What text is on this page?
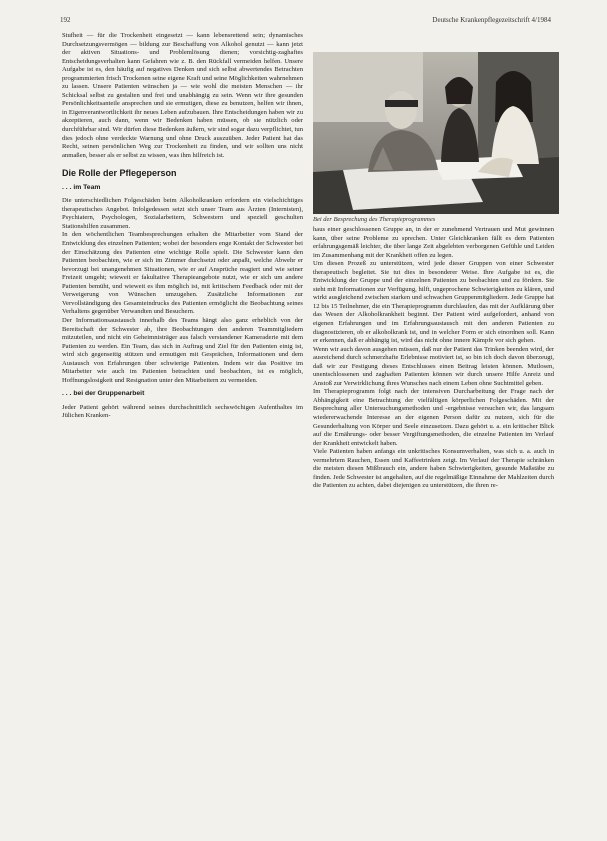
192	Deutsche Krankenpflegezeitschrift 4/1984

Stufheit — für die Trockenheit eingesetzt — kann lebensrettend sein; dynamisches Durchsetzungsvermögen — bildung zur Beschaffung von Alkohol genutzt — kann jetzt der aktiven Situations- und Problemlösung dienen; vorsichtig-zaghaftes Entscheidungsverhalten kann Gefahren wie z. B. den Rückfall vermeiden helfen. Unsere Aufgabe ist es, den häufig auf negatives Denken und sich selbst abwertendes Betrachten programmierten frisch Trockenen seine eigene Kraft und seine Möglichkeiten wahrnehmen zu lassen. Unsere Patienten wünschen ja — wie wohl die meisten Menschen — ihr Schicksal selbst zu gestalten und frei und unabhängig zu sein. Wenn wir ihre gesunden Persönlichkeitsanteile ansprechen und sie ermutigen, diese zu benutzen, helfen wir ihnen, in Eigenverantwortlichkeit ihr neues Leben aufzubauen. Ihre Entscheidungen haben wir zu akzeptieren, auch dann, wenn wir Bedenken haben müssen, ob sie nützlich oder durchführbar sind. Wir dürfen diese Bedenken äußern, wir sind sogar dazu verpflichtet, tun dies jedoch ohne verdeckte Warnung und ohne Druck auszuüben. Jeder Patient hat das Recht, seinen persönlichen Weg zur Trockenheit zu finden, und wir sollten uns nicht anmaßen, besser als er selbst zu wissen, was ihm hilfreich ist.

Die Rolle der Pflegeperson
. . . im Team

Die unterschiedlichen Folgeschäden beim Alkoholkranken erfordern ein vielschichtiges therapeutisches Angebot. Infolgedessen setzt sich unser Team aus Ärzten (Internisten), Psychiatern, Psychologen, Sozialarbeitern, Schwestern und speziell geschulten Stationshilfen zusammen.

In den wöchentlichen Teambesprechungen erhalten die Mitarbeiter vom Stand der Entwicklung des einzelnen Patienten; wobei der besonders enge Kontakt der Schwester bei der Einschätzung des Patienten eine wichtige Rolle spielt. Die Schwester kann den Patienten beobachten, wie er sich im Zimmer durchsetzt oder anpaßt, welche Abwehr er bevorzugt bei unangenehmen Situationen, wie er auf Ansprüche reagiert und wie seiner Freizeit umgeht; wieweit er fakultative Therapieangebote nutzt, wie er sich um andere Patienten bemüht, und wieweit es ihm möglich ist, mit kritischem Feedback oder mit der Verweigerung von Wünschen umzugehen. Zusätzliche Informationen zur Vervollständigung des Gesamteindrucks des Patienten ermöglicht die Beobachtung seines Verhaltens gegenüber Verwandten und Besuchern.

Der Informationsaustausch innerhalb des Teams hängt also ganz erheblich von der Bereitschaft der Schwester ab, ihre Beobachtungen den anderen Teammitgliedern mitzuteilen, und nicht ein Geheimnisträger aus falsch verstandener Kameraderie mit dem Patienten zu werden. Ein Team, das sich in Auftrag und Ziel für den Patienten einig ist, wird sich gegenseitig stützen und ermutigen mit Gesprächen, Informationen und dem Austausch von Erfahrungen über schwierige Patienten. Indem wir das Positive im Mitarbeiter wie auch im Patienten betrachten und beobachten, ist es möglich, Hoffnungslosigkeit und Resignation unter den Mitarbeitern zu vermeiden.

. . . bei der Gruppenarbeit

Jeder Patient gehört während seines durchschnittlich sechswöchigen Aufenthaltes im Jülichen Kranken-

Bei der Besprechung des Therapieprogrammes

haus einer geschlossenen Gruppe an, in der er zunehmend Vertrauen und Mut gewinnen kann, über seine Probleme zu sprechen. Unter Gleichkranken fällt es dem Patienten erfahrungsgemäß leichter, die über lange Zeit abgelebten verborgenen Gefühle und Leiden im Zusammenhang mit der Krankheit offen zu legen.

Um diesen Prozeß zu unterstützen, wird jede dieser Gruppen von einer Schwester therapeutisch begleitet. Sie tut dies in besonderer Weise. Ihre Aufgabe ist es, die Entwicklung der Gruppe und der einzelnen Patienten zu beobachten und zu fördern. Sie steht mit Informationen zur Verfügung, hilft, ungeprochene Schwierigkeiten zu klären, und wirkt ausgleichend zwischen starken und schwachen Gruppenmitgliedern. Jede Gruppe hat 12 bis 15 Teilnehmer, die ein Therapieprogramm durchlaufen, das mit der Aufklärung über das Wesen der Alkoholkrankheit beginnt. Der Patient wird aufgefordert, anhand von eigenen Erfahrungen und im Erfahrungsaustausch mit den anderen Patienten zu diagnostizieren, ob er alkoholkrank ist, und in welcher Form er sich einordnen soll. Kann er erkennen, daß er abhängig ist, wird das nicht ohne innere Kämpfe vor sich gehen.

Wenn wir auch davon ausgehen müssen, daß nur der Patient das Trinken beenden wird, der ausreichend durch schmerzhafte Erlebnisse motiviert ist, so bin ich doch davon überzeugt, daß wir zur Festigung dieses Entschlusses einen Beitrag leisten können. Mutlosen, unentschlossenen und zaghaften Patienten können wir durch unsere Hilfe Anreiz und Anstoß zur Verwirklichung ihres Wunsches nach einem Leben ohne Suchtmittel geben.

Im Therapieprogramm folgt nach der intensiven Durcharbeitung der Frage nach der Abhängigkeit eine Betrachtung der vielfältigen körperlichen Folgeschäden. Mit der Besprechung aller Untersuchungsmethoden und -ergebnisse versuchen wir, das langsam wiedererwachende Interesse an der eigenen Person dafür zu nutzen, sich für die Gesunderhaltung von Körper und Seele einzusetzen. Dazu gehört u. a. ein kritischer Blick auf die Ernährungs- oder besser Vergiftungsmethoden, die einzelne Patienten im Verlauf der Krankheit entwickelt haben.

Viele Patienten haben anfangs ein unkritisches Konsumverhalten, was sich u. a. auch in vermehrtem Rauchen, Essen und Kaffeetrinken zeigt. Im Verlauf der Therapie schränken die meisten diesen Mißbrauch ein, andere haben Schwierigkeiten, gesunde Maßstäbe zu finden. Jede Schwester ist angehalten, auf die regelmäßige Einnahme der Mahlzeiten durch die Patienten zu achten, dabei diejenigen zu unterstützen, die ihren re-
